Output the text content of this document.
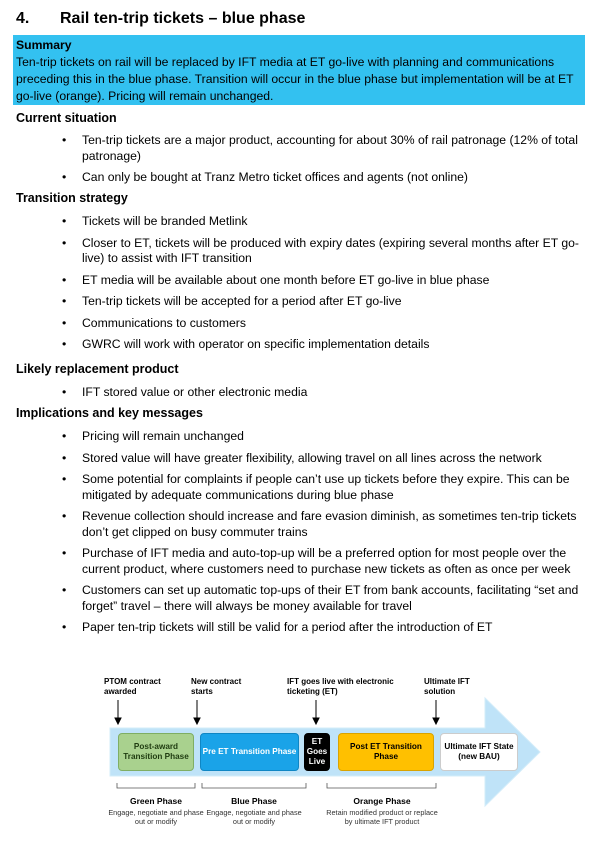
4. Rail ten-trip tickets – blue phase
Summary
Ten-trip tickets on rail will be replaced by IFT media at ET go-live with planning and communications preceding this in the blue phase. Transition will occur in the blue phase but implementation will be at ET go-live (orange). Pricing will remain unchanged.
Current situation
• Ten-trip tickets are a major product, accounting for about 30% of rail patronage (12% of total patronage)
• Can only be bought at Tranz Metro ticket offices and agents (not online)
Transition strategy
• Tickets will be branded Metlink
• Closer to ET, tickets will be produced with expiry dates (expiring several months after ET go-live) to assist with IFT transition
• ET media will be available about one month before ET go-live in blue phase
• Ten-trip tickets will be accepted for a period after ET go-live
• Communications to customers
• GWRC will work with operator on specific implementation details
Likely replacement product
• IFT stored value or other electronic media
Implications and key messages
• Pricing will remain unchanged
• Stored value will have greater flexibility, allowing travel on all lines across the network
• Some potential for complaints if people can’t use up tickets before they expire. This can be mitigated by adequate communications during blue phase
• Revenue collection should increase and fare evasion diminish, as sometimes ten-trip tickets don’t get clipped on busy commuter trains
• Purchase of IFT media and auto-top-up will be a preferred option for most people over the current product, where customers need to purchase new tickets as often as once per week
• Customers can set up automatic top-ups of their ET from bank accounts, facilitating “set and forget” travel – there will always be money available for travel
• Paper ten-trip tickets will still be valid for a period after the introduction of ET
PTOM contract awarded
New contract starts
IFT goes live with electronic ticketing (ET)
Ultimate IFT solution
Post-award Transition Phase
Pre ET Transition Phase
ET Goes Live
Post ET Transition Phase
Ultimate IFT State (new BAU)
Green Phase
Engage, negotiate and phase out or modify
Blue Phase
Engage, negotiate and phase out or modify
Orange Phase
Retain modified product or replace by ultimate IFT product
